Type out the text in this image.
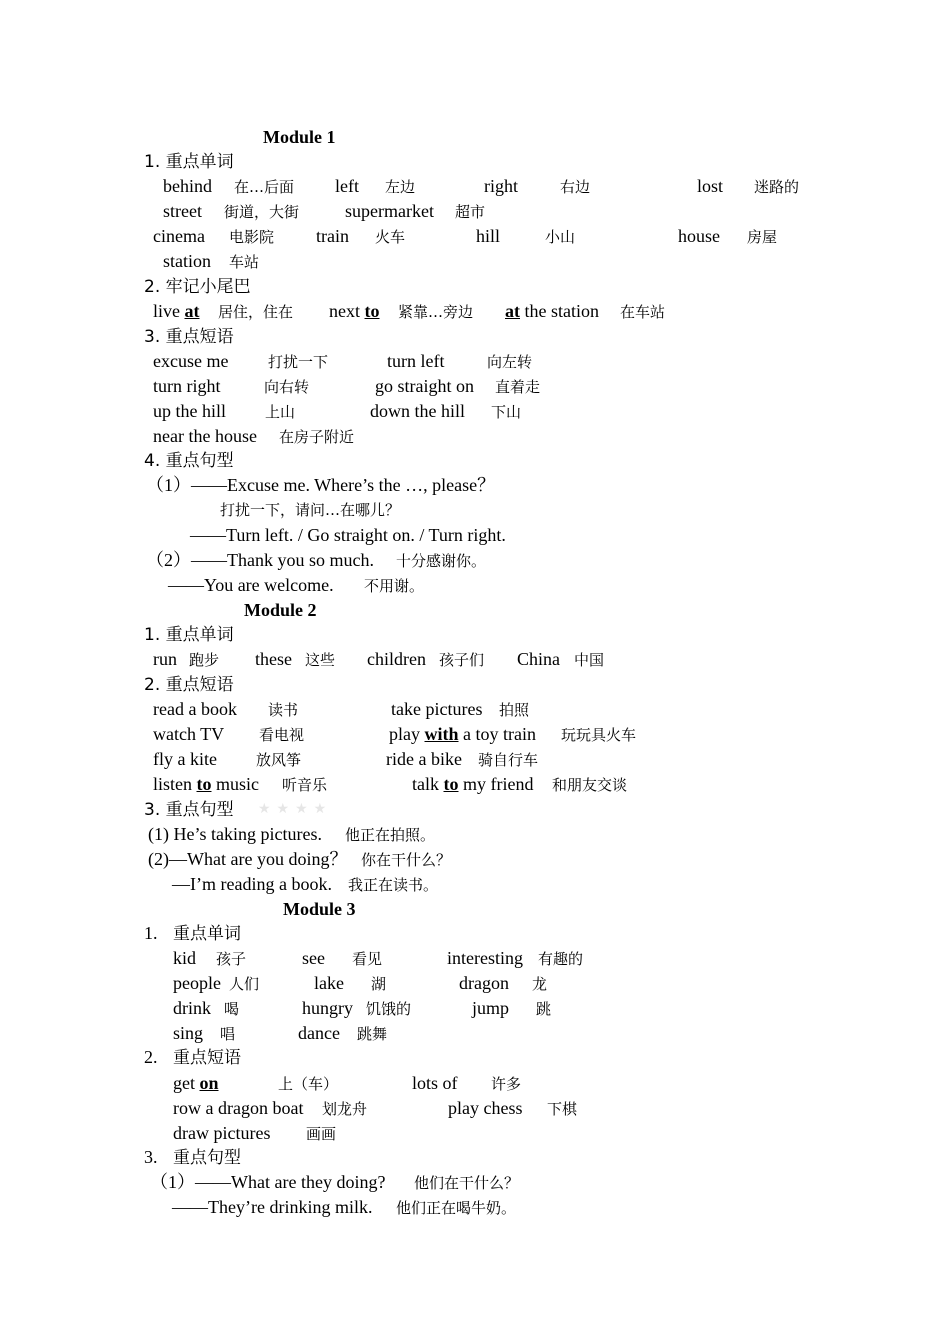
Module 1
1. 重点单词
behind 在…后面 left 左边	right	右边	lost 迷路的
street 街道，大街	supermarket 超市
cinema 电影院 train 火车	hill	小山	house 房屋
station 车站
2. 牢记小尾巴
live at 居住，住在 next to 紧靠…旁边 at the station 在车站
3. 重点短语
excuse me	打扰一下	turn left	向左转
turn right	向右转	go straight on 直着走
up the hill	上山	down the hill 下山
near the house 在房子附近
4. 重点句型
（1）——Excuse me. Where’s the …, please？
打扰一下，请问…在哪儿？
——Turn left. / Go straight on. / Turn right.
（2）——Thank you so much. 十分感谢你。
——You are welcome. 不用谢。
Module 2
1. 重点单词
run 跑步 these 这些 children 孩子们 China 中国
2. 重点短语
read a book 读书	take pictures 拍照
watch TV 看电视	play with a toy train 玩玩具火车
fly a kite	放风筝	ride a bike 骑自行车
listen to music 听音乐	talk to my friend 和朋友交谈
3. 重点句型 ★★★★
(1) He’s taking pictures. 他正在拍照。
(2)—What are you doing？ 你在干什么？
—I’m reading a book. 我正在读书。
Module 3
1. 重点单词
kid 孩子	see 看见	interesting 有趣的
people 人们	lake 湖	dragon 龙
drink 喝	hungry 饥饿的	jump 跳
sing 唱	dance 跳舞
2. 重点短语
get on	上（车）	lots of 许多
row a dragon boat 划龙舟	play chess 下棋
draw pictures 画画
3. 重点句型
（1）——What are they doing? 他们在干什么？
——They’re drinking milk. 他们正在喝牛奶。
